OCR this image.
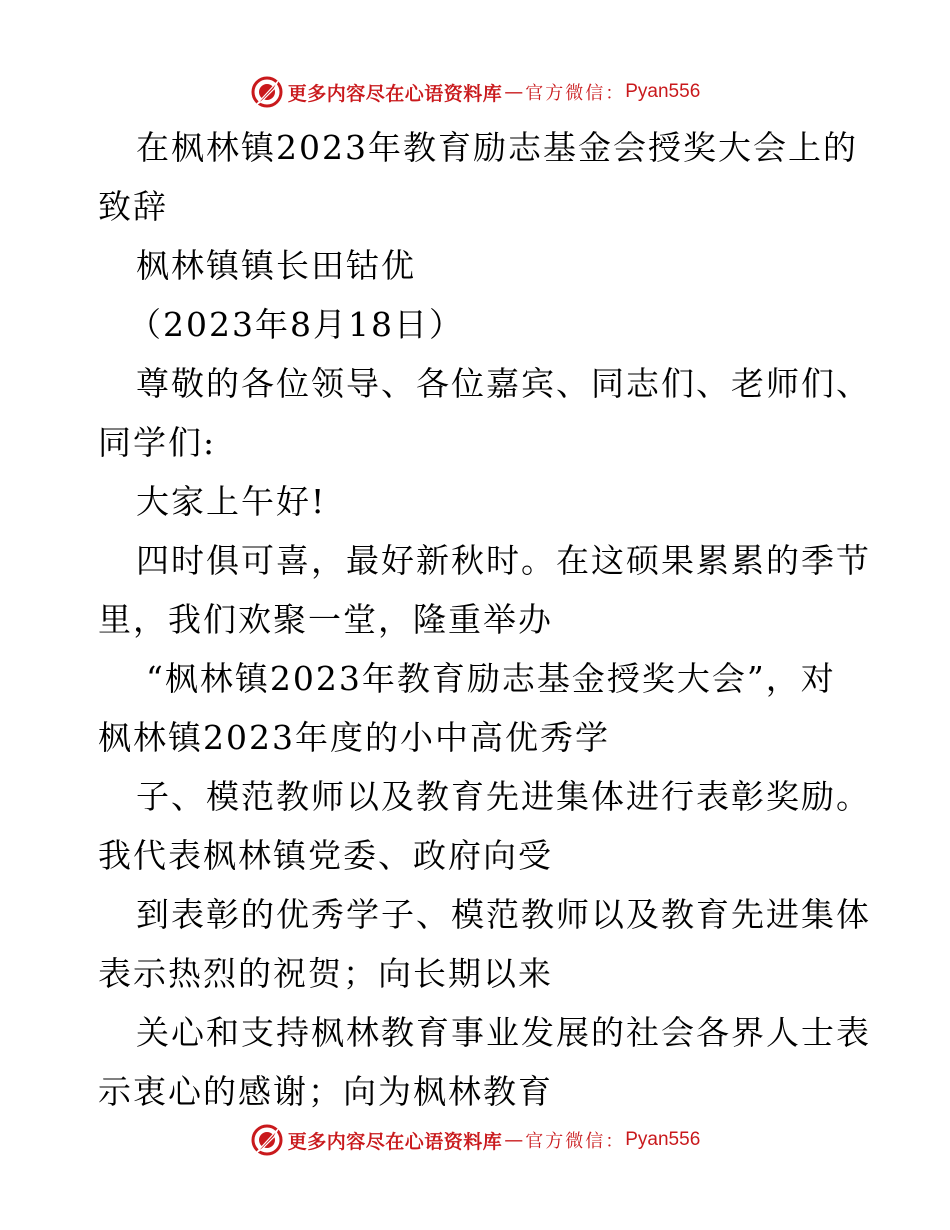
更多内容尽在心语资料库 — 官方微信： Pyan556
在枫林镇2023年教育励志基金会授奖大会上的
致辞
枫林镇镇长田钴优
（2023年8月18日）
尊敬的各位领导、各位嘉宾、同志们、老师们、
同学们:
大家上午好!
四时俱可喜，最好新秋时。在这硕果累累的季节
里，我们欢聚一堂，隆重举办
“枫林镇2023年教育励志基金授奖大会”，对
枫林镇2023年度的小中高优秀学
子、模范教师以及教育先进集体进行表彰奖励。
我代表枫林镇党委、政府向受
到表彰的优秀学子、模范教师以及教育先进集体
表示热烈的祝贺；向长期以来
关心和支持枫林教育事业发展的社会各界人士表
示衷心的感谢；向为枫林教育
更多内容尽在心语资料库 — 官方微信： Pyan556
